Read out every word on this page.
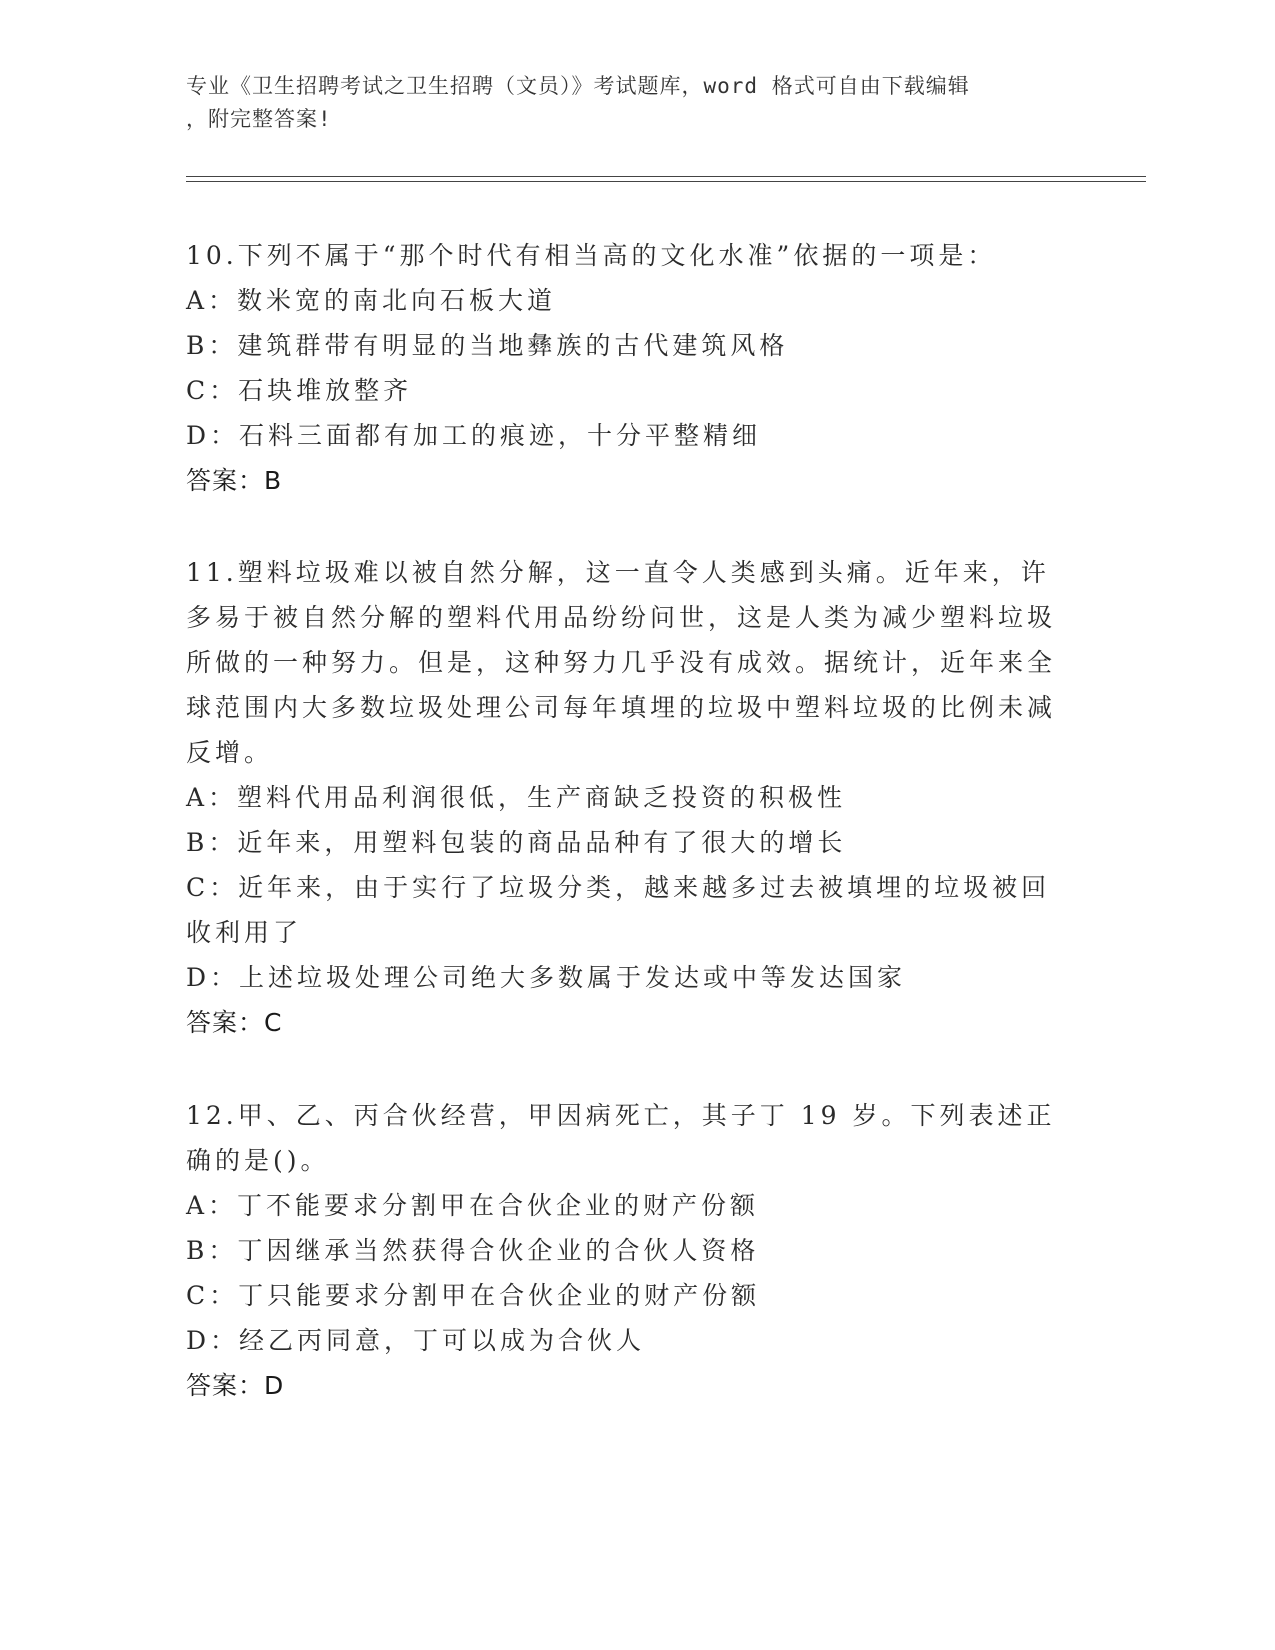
专业《卫生招聘考试之卫生招聘（文员）》考试题库，word 格式可自由下载编辑
，附完整答案!

10.下列不属于“那个时代有相当高的文化水准”依据的一项是：

A：数米宽的南北向石板大道

B：建筑群带有明显的当地彝族的古代建筑风格

C：石块堆放整齐

D：石料三面都有加工的痕迹，十分平整精细

答案：B

11.塑料垃圾难以被自然分解，这一直令人类感到头痛。近年来，许多易于被自然分解的塑料代用品纷纷问世，这是人类为减少塑料垃圾所做的一种努力。但是，这种努力几乎没有成效。据统计，近年来全球范围内大多数垃圾处理公司每年填埋的垃圾中塑料垃圾的比例未减反增。

A：塑料代用品利润很低，生产商缺乏投资的积极性

B：近年来，用塑料包装的商品品种有了很大的增长

C：近年来，由于实行了垃圾分类，越来越多过去被填埋的垃圾被回收利用了

D：上述垃圾处理公司绝大多数属于发达或中等发达国家

答案：C

12.甲、乙、丙合伙经营，甲因病死亡，其子丁 19 岁。下列表述正确的是()。

A：丁不能要求分割甲在合伙企业的财产份额

B：丁因继承当然获得合伙企业的合伙人资格

C：丁只能要求分割甲在合伙企业的财产份额

D：经乙丙同意，丁可以成为合伙人

答案：D
